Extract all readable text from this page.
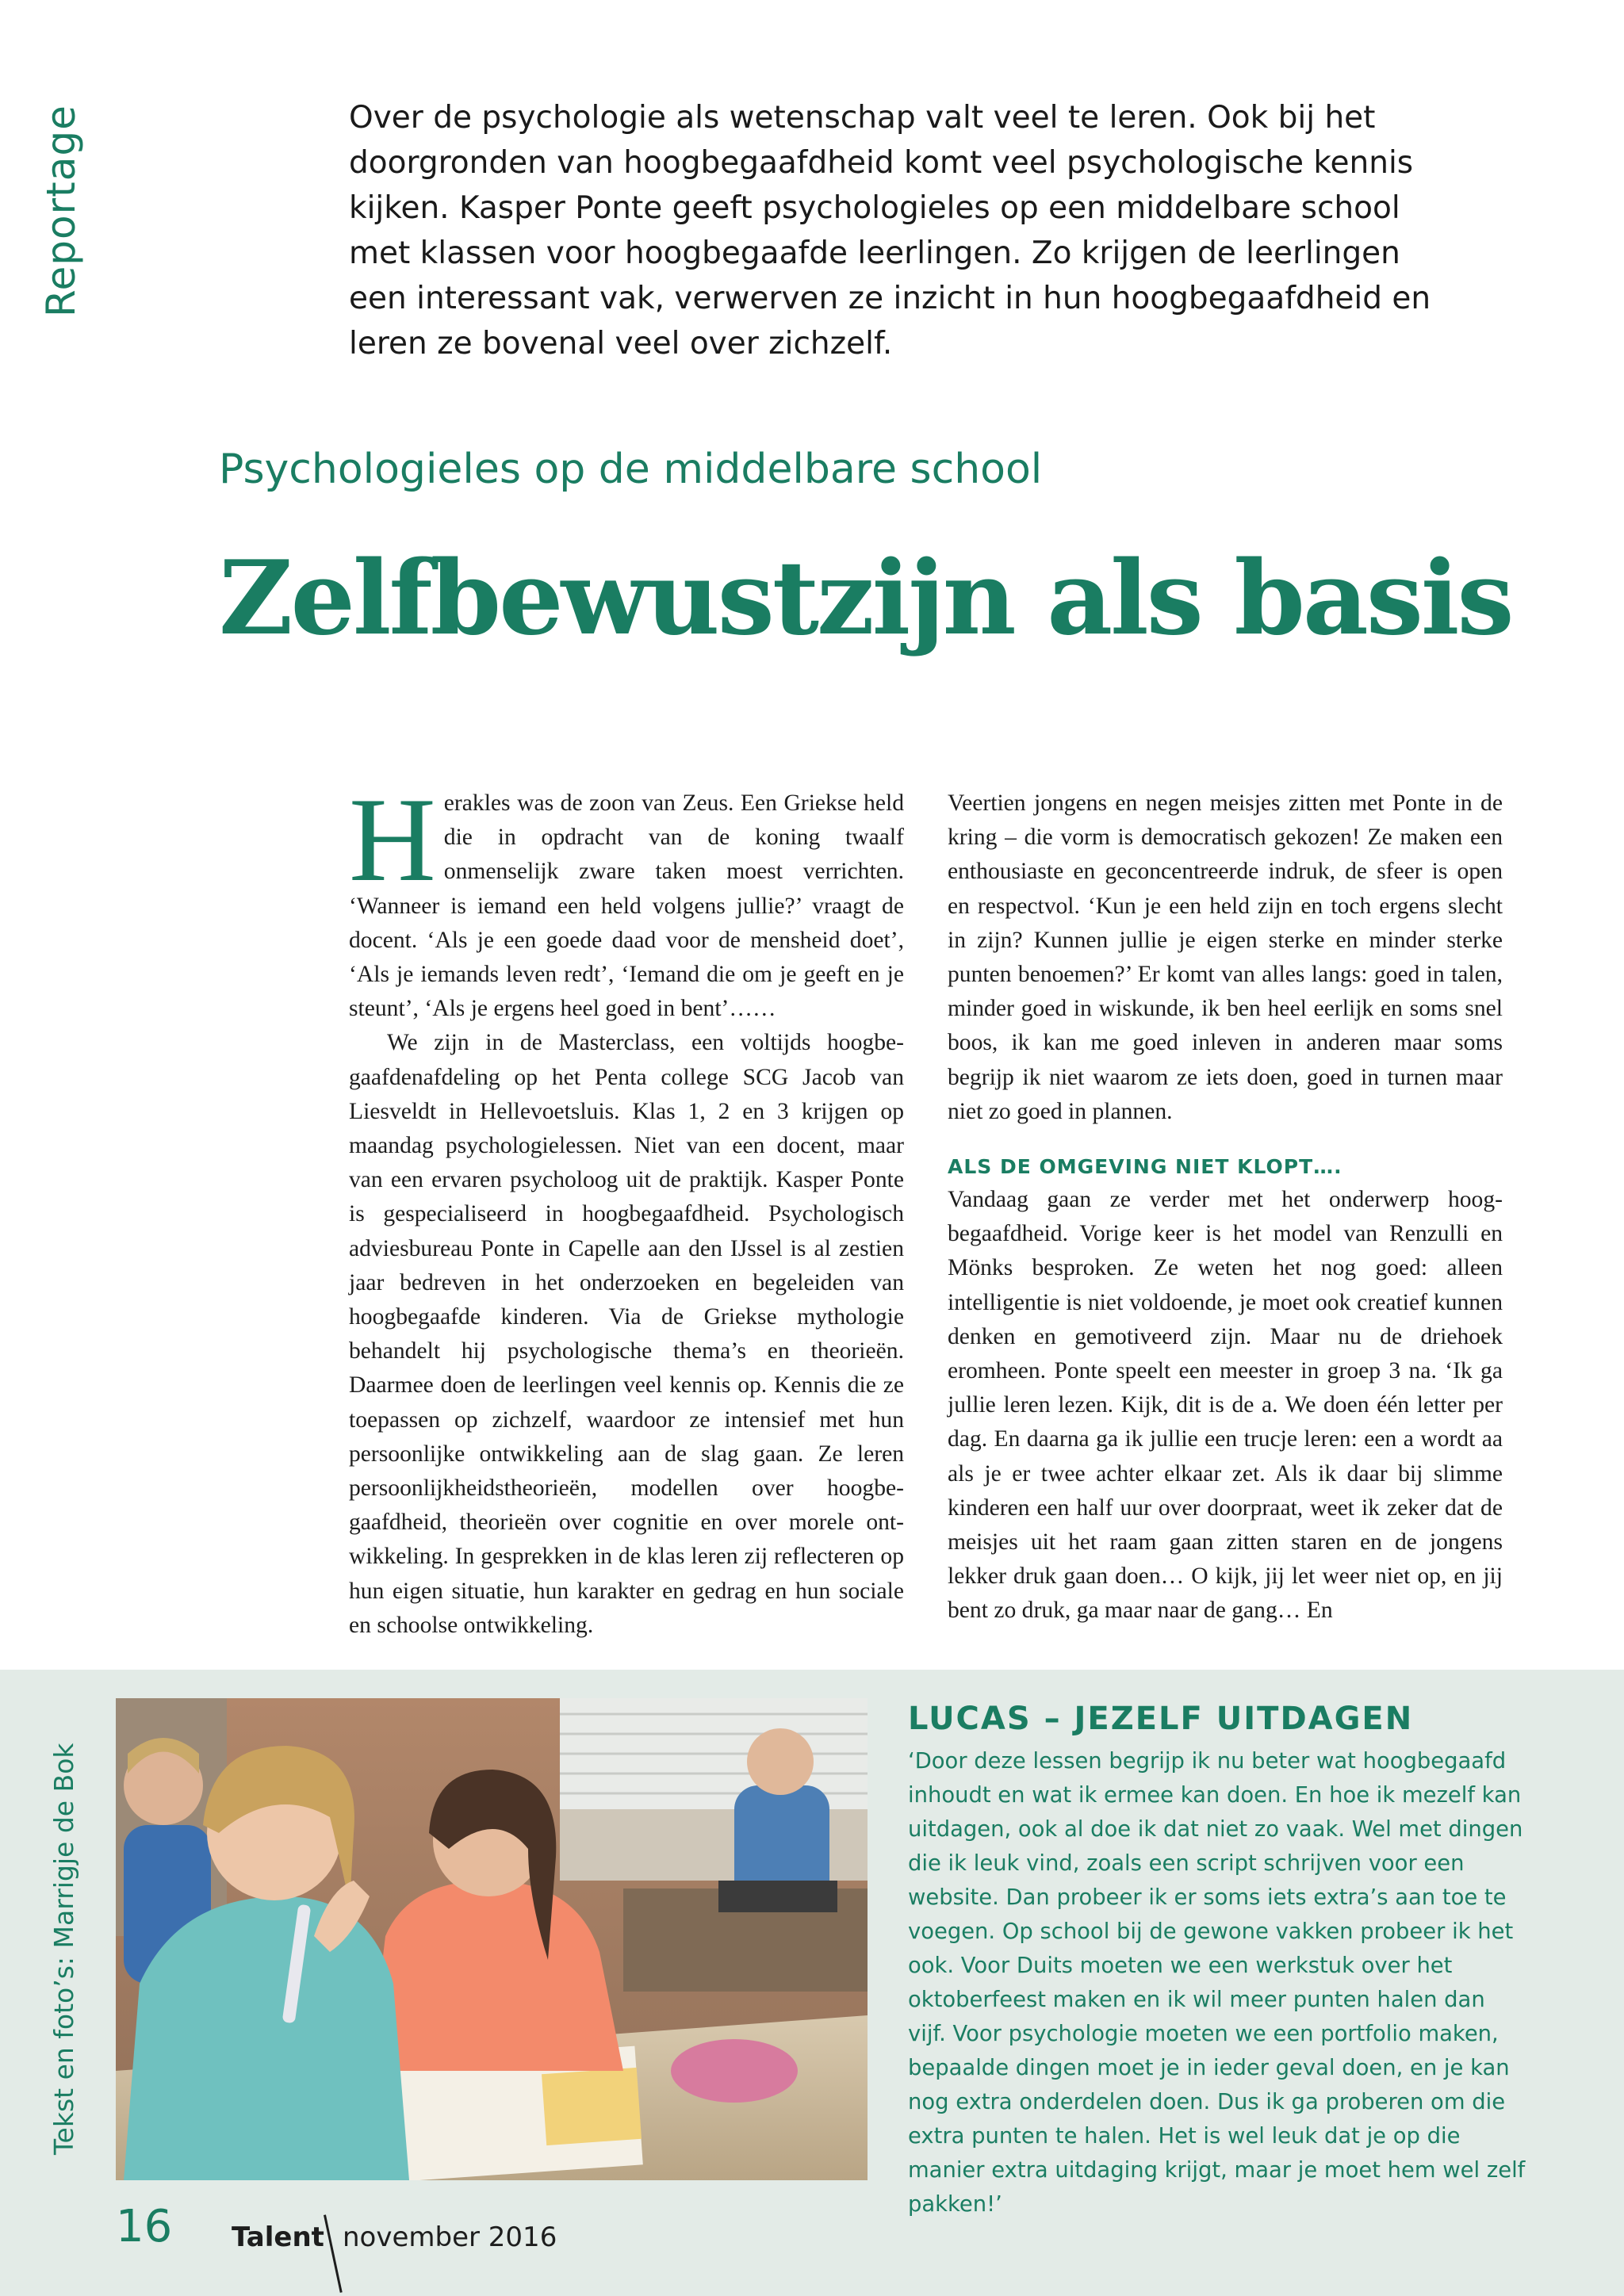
Reportage	Over de psychologie als wetenschap valt veel te leren. Ook bij het doorgronden van hoogbegaafdheid komt veel psychologische kennis kijken. Kasper Ponte geeft psychologieles op een middelbare school met klassen voor hoogbegaafde leerlingen. Zo krijgen de leerlingen een interessant vak, verwerven ze inzicht in hun hoogbegaafdheid en leren ze bovenal veel over zichzelf.

Psychologieles op de middelbare school
Zelfbewustzijn als basis

Herakles was de zoon van Zeus. Een Griekse held die in opdracht van de koning twaalf onmenselijk zware taken moest verrichten. ‘Wanneer is iemand een held volgens jullie?’ vraagt de docent. ‘Als je een goede daad voor de mensheid doet’, ‘Als je iemands leven redt’, ‘Iemand die om je geeft en je steunt’, ‘Als je ergens heel goed in bent’……

We zijn in de Masterclass, een voltijds hoogbegaafdenafdeling op het Penta college SCG Jacob van Liesveldt in Hellevoetsluis. Klas 1, 2 en 3 krijgen op maandag psychologielessen. Niet van een docent, maar van een ervaren psycholoog uit de praktijk. Kasper Ponte is gespecialiseerd in hoogbegaafdheid. Psychologisch adviesbureau Ponte in Capelle aan den IJssel is al zestien jaar bedreven in het onderzoeken en begeleiden van hoogbegaafde kinderen. Via de Griekse mythologie behandelt hij psychologische thema’s en theorieën. Daarmee doen de leerlingen veel kennis op. Kennis die ze toepassen op zichzelf, waardoor ze intensief met hun persoonlijke ontwikkeling aan de slag gaan. Ze leren persoonlijkheidstheorieën, modellen over hoogbegaafdheid, theorieën over cognitie en over morele ontwikkeling. In gesprekken in de klas leren zij reflecteren op hun eigen situatie, hun karakter en gedrag en hun sociale en schoolse ontwikkeling.

Veertien jongens en negen meisjes zitten met Ponte in de kring – die vorm is democratisch gekozen! Ze maken een enthousiaste en geconcentreerde indruk, de sfeer is open en respectvol. ‘Kun je een held zijn en toch ergens slecht in zijn? Kunnen jullie je eigen sterke en minder sterke punten benoemen?’ Er komt van alles langs: goed in talen, minder goed in wiskunde, ik ben heel eerlijk en soms snel boos, ik kan me goed inleven in anderen maar soms begrijp ik niet waarom ze iets doen, goed in turnen maar niet zo goed in plannen.

ALS DE OMGEVING NIET KLOPT….

Vandaag gaan ze verder met het onderwerp hoogbegaafdheid. Vorige keer is het model van Renzulli en Mönks besproken. Ze weten het nog goed: alleen intelligentie is niet voldoende, je moet ook creatief kunnen denken en gemotiveerd zijn. Maar nu de driehoek eromheen. Ponte speelt een meester in groep 3 na. ‘Ik ga jullie leren lezen. Kijk, dit is de a. We doen één letter per dag. En daarna ga ik jullie een trucje leren: een a wordt aa als je er twee achter elkaar zet. Als ik daar bij slimme kinderen een half uur over doorpraat, weet ik zeker dat de meisjes uit het raam gaan zitten staren en de jongens lekker druk gaan doen… O kijk, jij let weer niet op, en jij bent zo druk, ga maar naar de gang… En

Tekst en foto’s: Marrigje de Bok
LUCAS – JEZELF UITDAGEN

‘Door deze lessen begrijp ik nu beter wat hoogbegaafd inhoudt en wat ik ermee kan doen. En hoe ik mezelf kan uitdagen, ook al doe ik dat niet zo vaak. Wel met dingen die ik leuk vind, zoals een script schrijven voor een website. Dan probeer ik er soms iets extra’s aan toe te voegen. Op school bij de gewone vakken probeer ik het ook. Voor Duits moeten we een werkstuk over het oktoberfeest maken en ik wil meer punten halen dan vijf. Voor psychologie moeten we een portfolio maken, bepaalde dingen moet je in ieder geval doen, en je kan nog extra onderdelen doen. Dus ik ga proberen om die extra punten te halen. Het is wel leuk dat je op die manier extra uitdaging krijgt, maar je moet hem wel zelf pakken!’

16 Talent november 2016
